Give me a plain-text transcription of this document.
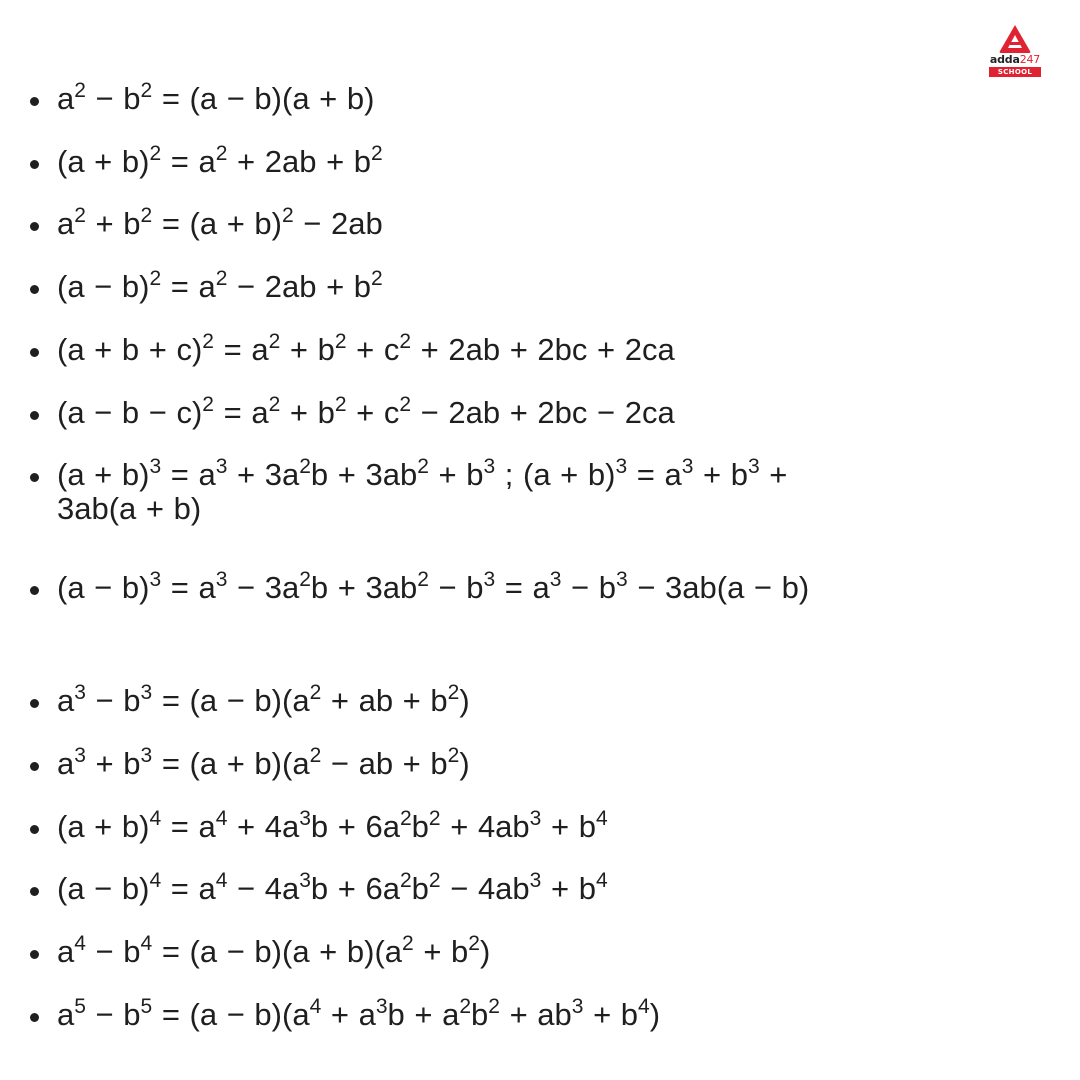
adda247
SCHOOL
$a^2 - b^2 = (a - b)(a + b)$
$(a + b)^2 = a^2 + 2ab + b^2$
$a^2 + b^2 = (a + b)^2 - 2ab$
$(a - b)^2 = a^2 - 2ab + b^2$
$(a + b + c)^2 = a^2 + b^2 + c^2 + 2ab + 2bc + 2ca$
$(a - b - c)^2 = a^2 + b^2 + c^2 - 2ab + 2bc - 2ca$
$(a + b)^3 = a^3 + 3a^2b + 3ab^2 + b^3$ ; $(a + b)^3 = a^3 + b^3 + 3ab(a + b)$
$(a - b)^3 = a^3 - 3a^2b + 3ab^2 - b^3 = a^3 - b^3 - 3ab(a - b)$
$a^3 - b^3 = (a - b)(a^2$ + ab + $b^2$)
$a^3 + b^3 = (a + b)(a^2$ − ab + $b^2$)
$(a + b)^4 = a^4 + 4a^3b + 6a^2b^2 + 4ab^3 + b^4$
$(a - b)^4 = a^4 - 4a^3b + 6a^2b^2 - 4ab^3 + b^4$
$a^4 - b^4 = (a - b)(a + b)(a^2 + b^2)$
$a^5 - b^5 = (a - b)(a^4 + a^3b + a^2b^2 + ab^3 + b^4)$
